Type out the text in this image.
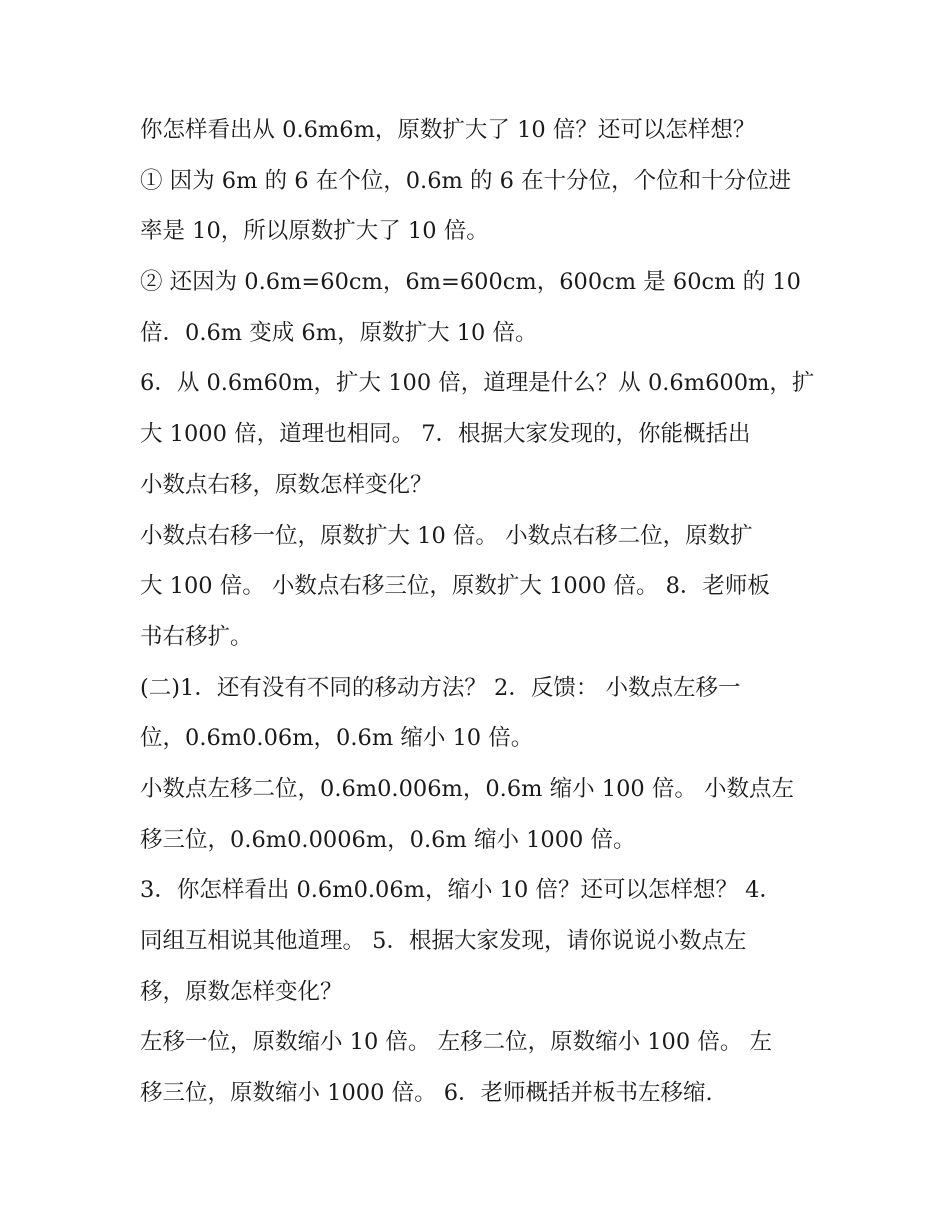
你怎样看出从 0.6m6m，原数扩大了 10 倍？还可以怎样想？
① 因为 6m 的 6 在个位，0.6m 的 6 在十分位，个位和十分位进
率是 10，所以原数扩大了 10 倍。
② 还因为 0.6m=60cm，6m=600cm，600cm 是 60cm 的 10
倍．0.6m 变成 6m，原数扩大 10 倍。
6．从 0.6m60m，扩大 100 倍，道理是什么？从 0.6m600m，扩
大 1000 倍，道理也相同。 7．根据大家发现的，你能概括出
小数点右移，原数怎样变化？
小数点右移一位，原数扩大 10 倍。 小数点右移二位，原数扩
大 100 倍。 小数点右移三位，原数扩大 1000 倍。 8．老师板
书右移扩。
(二)1．还有没有不同的移动方法？ 2．反馈： 小数点左移一
位，0.6m0.06m，0.6m 缩小 10 倍。
小数点左移二位，0.6m0.006m，0.6m 缩小 100 倍。 小数点左
移三位，0.6m0.0006m，0.6m 缩小 1000 倍。
3．你怎样看出 0.6m0.06m，缩小 10 倍？还可以怎样想？ 4．
同组互相说其他道理。 5．根据大家发现，请你说说小数点左
移，原数怎样变化？
左移一位，原数缩小 10 倍。 左移二位，原数缩小 100 倍。 左
移三位，原数缩小 1000 倍。 6．老师概括并板书左移缩.
